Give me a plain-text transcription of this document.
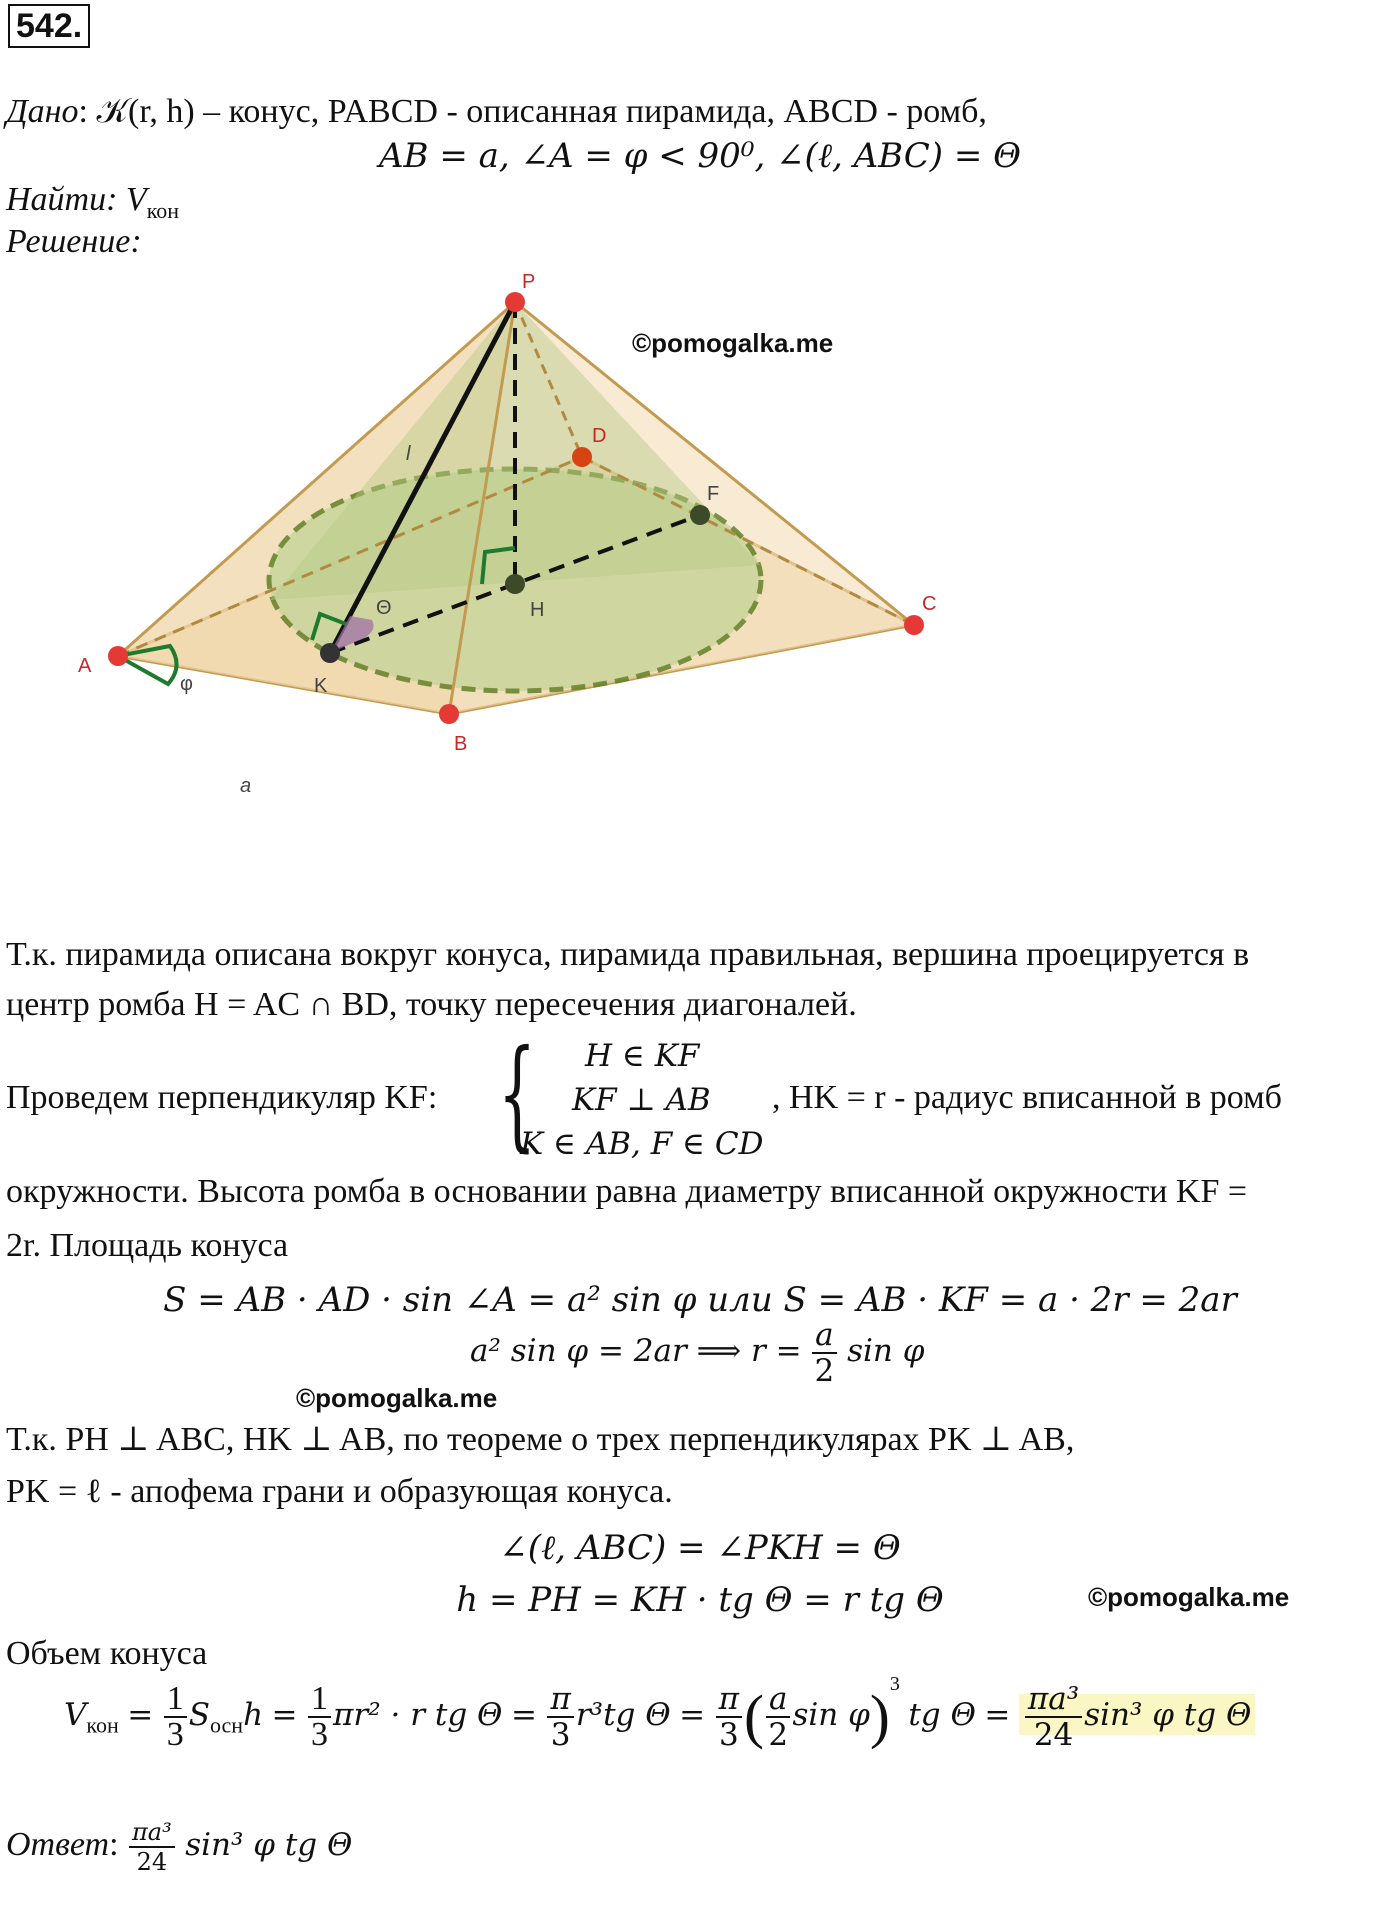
542.
Дано: 𝒦(r, h) – конус, PABCD - описанная пирамида, ABCD - ромб,
AB = a, ∠A = φ < 90⁰, ∠(ℓ, ABC) = Θ
Найти: $V_{кон}$
Решение:
P
A
B
C
D
F
H
K
φ
Θ
l
a
©pomogalka.me
Т.к. пирамида описана вокруг конуса, пирамида правильная, вершина проецируется в
центр ромба H = AC ∩ BD, точку пересечения диагоналей.
Проведем перпендикуляр KF: { H ∈ KF
KF ⊥ AB
K ∈ AB, F ∈ CD
, HK = r - радиус вписанной в ромб
окружности. Высота ромба в основании равна диаметру вписанной окружности KF =
2r. Площадь конуса
S = AB · AD · sin ∠A = a² sin φ или S = AB · KF = a · 2r = 2ar
a² sin φ = 2ar ⟹ $r = \frac{a}{2}$ sin φ
©pomogalka.me
Т.к. PH ⊥ ABC, HK ⊥ AB, по теореме о трех перпендикулярах PK ⊥ AB,
PK = ℓ - апофема грани и образующая конуса.
∠(ℓ, ABC) = ∠PKH = Θ
h = PH = KH · tg Θ = r tg Θ	©pomogalka.me
Объем конуса
$V_{кон} = \frac{1}{3} S_{осн}h = \frac{1}{3} \pi r^2 \cdot r$ tg $\Theta = \frac{\pi}{3} r^3tg$ $\Theta = \frac{\pi}{3}$ ( $\frac{a}{2}$ sin φ)$^3$ tg $\Theta = \frac{\text{πa³}}{24} \sin^3$ φ tg Θ
Ответ: $\frac{\text{πa³}}{24} \sin^3$ φ tg Θ
